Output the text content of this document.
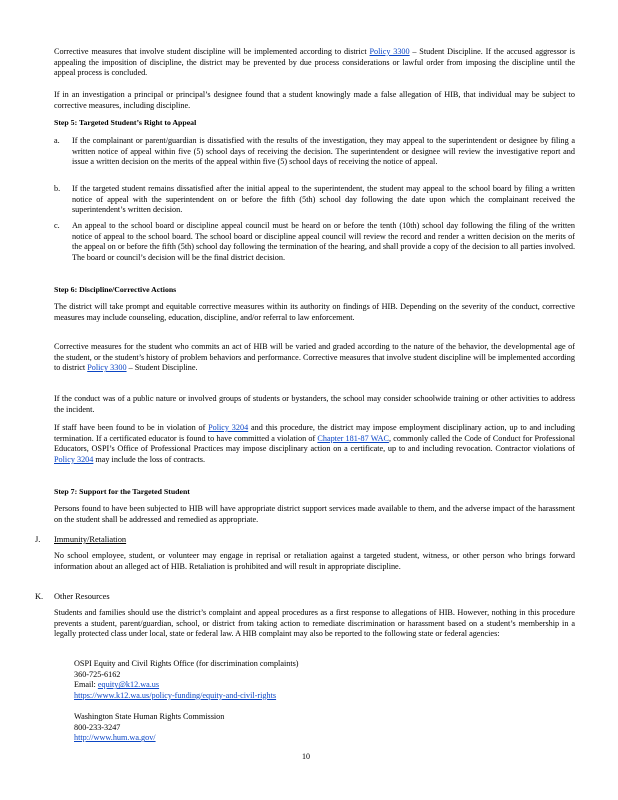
Corrective measures that involve student discipline will be implemented according to district Policy 3300 – Student Discipline. If the accused aggressor is appealing the imposition of discipline, the district may be prevented by due process considerations or lawful order from imposing the discipline until the appeal process is concluded.

If in an investigation a principal or principal’s designee found that a student knowingly made a false allegation of HIB, that individual may be subject to corrective measures, including discipline.

Step 5: Targeted Student’s Right to Appeal
a. If the complainant or parent/guardian is dissatisfied with the results of the investigation, they may appeal to the superintendent or designee by filing a written notice of appeal within five (5) school days of receiving the decision. The superintendent or designee will review the investigative report and issue a written decision on the merits of the appeal within five (5) school days of receiving the notice of appeal.
b. If the targeted student remains dissatisfied after the initial appeal to the superintendent, the student may appeal to the school board by filing a written notice of appeal with the superintendent on or before the fifth (5th) school day following the date upon which the complainant received the superintendent’s written decision.
c. An appeal to the school board or discipline appeal council must be heard on or before the tenth (10th) school day following the filing of the written notice of appeal to the school board. The school board or discipline appeal council will review the record and render a written decision on the merits of the appeal on or before the fifth (5th) school day following the termination of the hearing, and shall provide a copy of the decision to all parties involved. The board or council’s decision will be the final district decision.
Step 6: Discipline/Corrective Actions

The district will take prompt and equitable corrective measures within its authority on findings of HIB. Depending on the severity of the conduct, corrective measures may include counseling, education, discipline, and/or referral to law enforcement.

Corrective measures for the student who commits an act of HIB will be varied and graded according to the nature of the behavior, the developmental age of the student, or the student’s history of problem behaviors and performance. Corrective measures that involve student discipline will be implemented according to district Policy 3300 – Student Discipline.

If the conduct was of a public nature or involved groups of students or bystanders, the school may consider schoolwide training or other activities to address the incident.

If staff have been found to be in violation of Policy 3204 and this procedure, the district may impose employment disciplinary action, up to and including termination. If a certificated educator is found to have committed a violation of Chapter 181-87 WAC, commonly called the Code of Conduct for Professional Educators, OSPI’s Office of Professional Practices may impose disciplinary action on a certificate, up to and including revocation. Contractor violations of Policy 3204 may include the loss of contracts.

Step 7: Support for the Targeted Student

Persons found to have been subjected to HIB will have appropriate district support services made available to them, and the adverse impact of the harassment on the student shall be addressed and remedied as appropriate.

J. Immunity/Retaliation

No school employee, student, or volunteer may engage in reprisal or retaliation against a targeted student, witness, or other person who brings forward information about an alleged act of HIB. Retaliation is prohibited and will result in appropriate discipline.

K. Other Resources

Students and families should use the district’s complaint and appeal procedures as a first response to allegations of HIB. However, nothing in this procedure prevents a student, parent/guardian, school, or district from taking action to remediate discrimination or harassment based on a student’s membership in a legally protected class under local, state or federal law. A HIB complaint may also be reported to the following state or federal agencies:

OSPI Equity and Civil Rights Office (for discrimination complaints)
360-725-6162
Email: equity@k12.wa.us
https://www.k12.wa.us/policy-funding/equity-and-civil-rights
Washington State Human Rights Commission
800-233-3247
http://www.hum.wa.gov/
10
